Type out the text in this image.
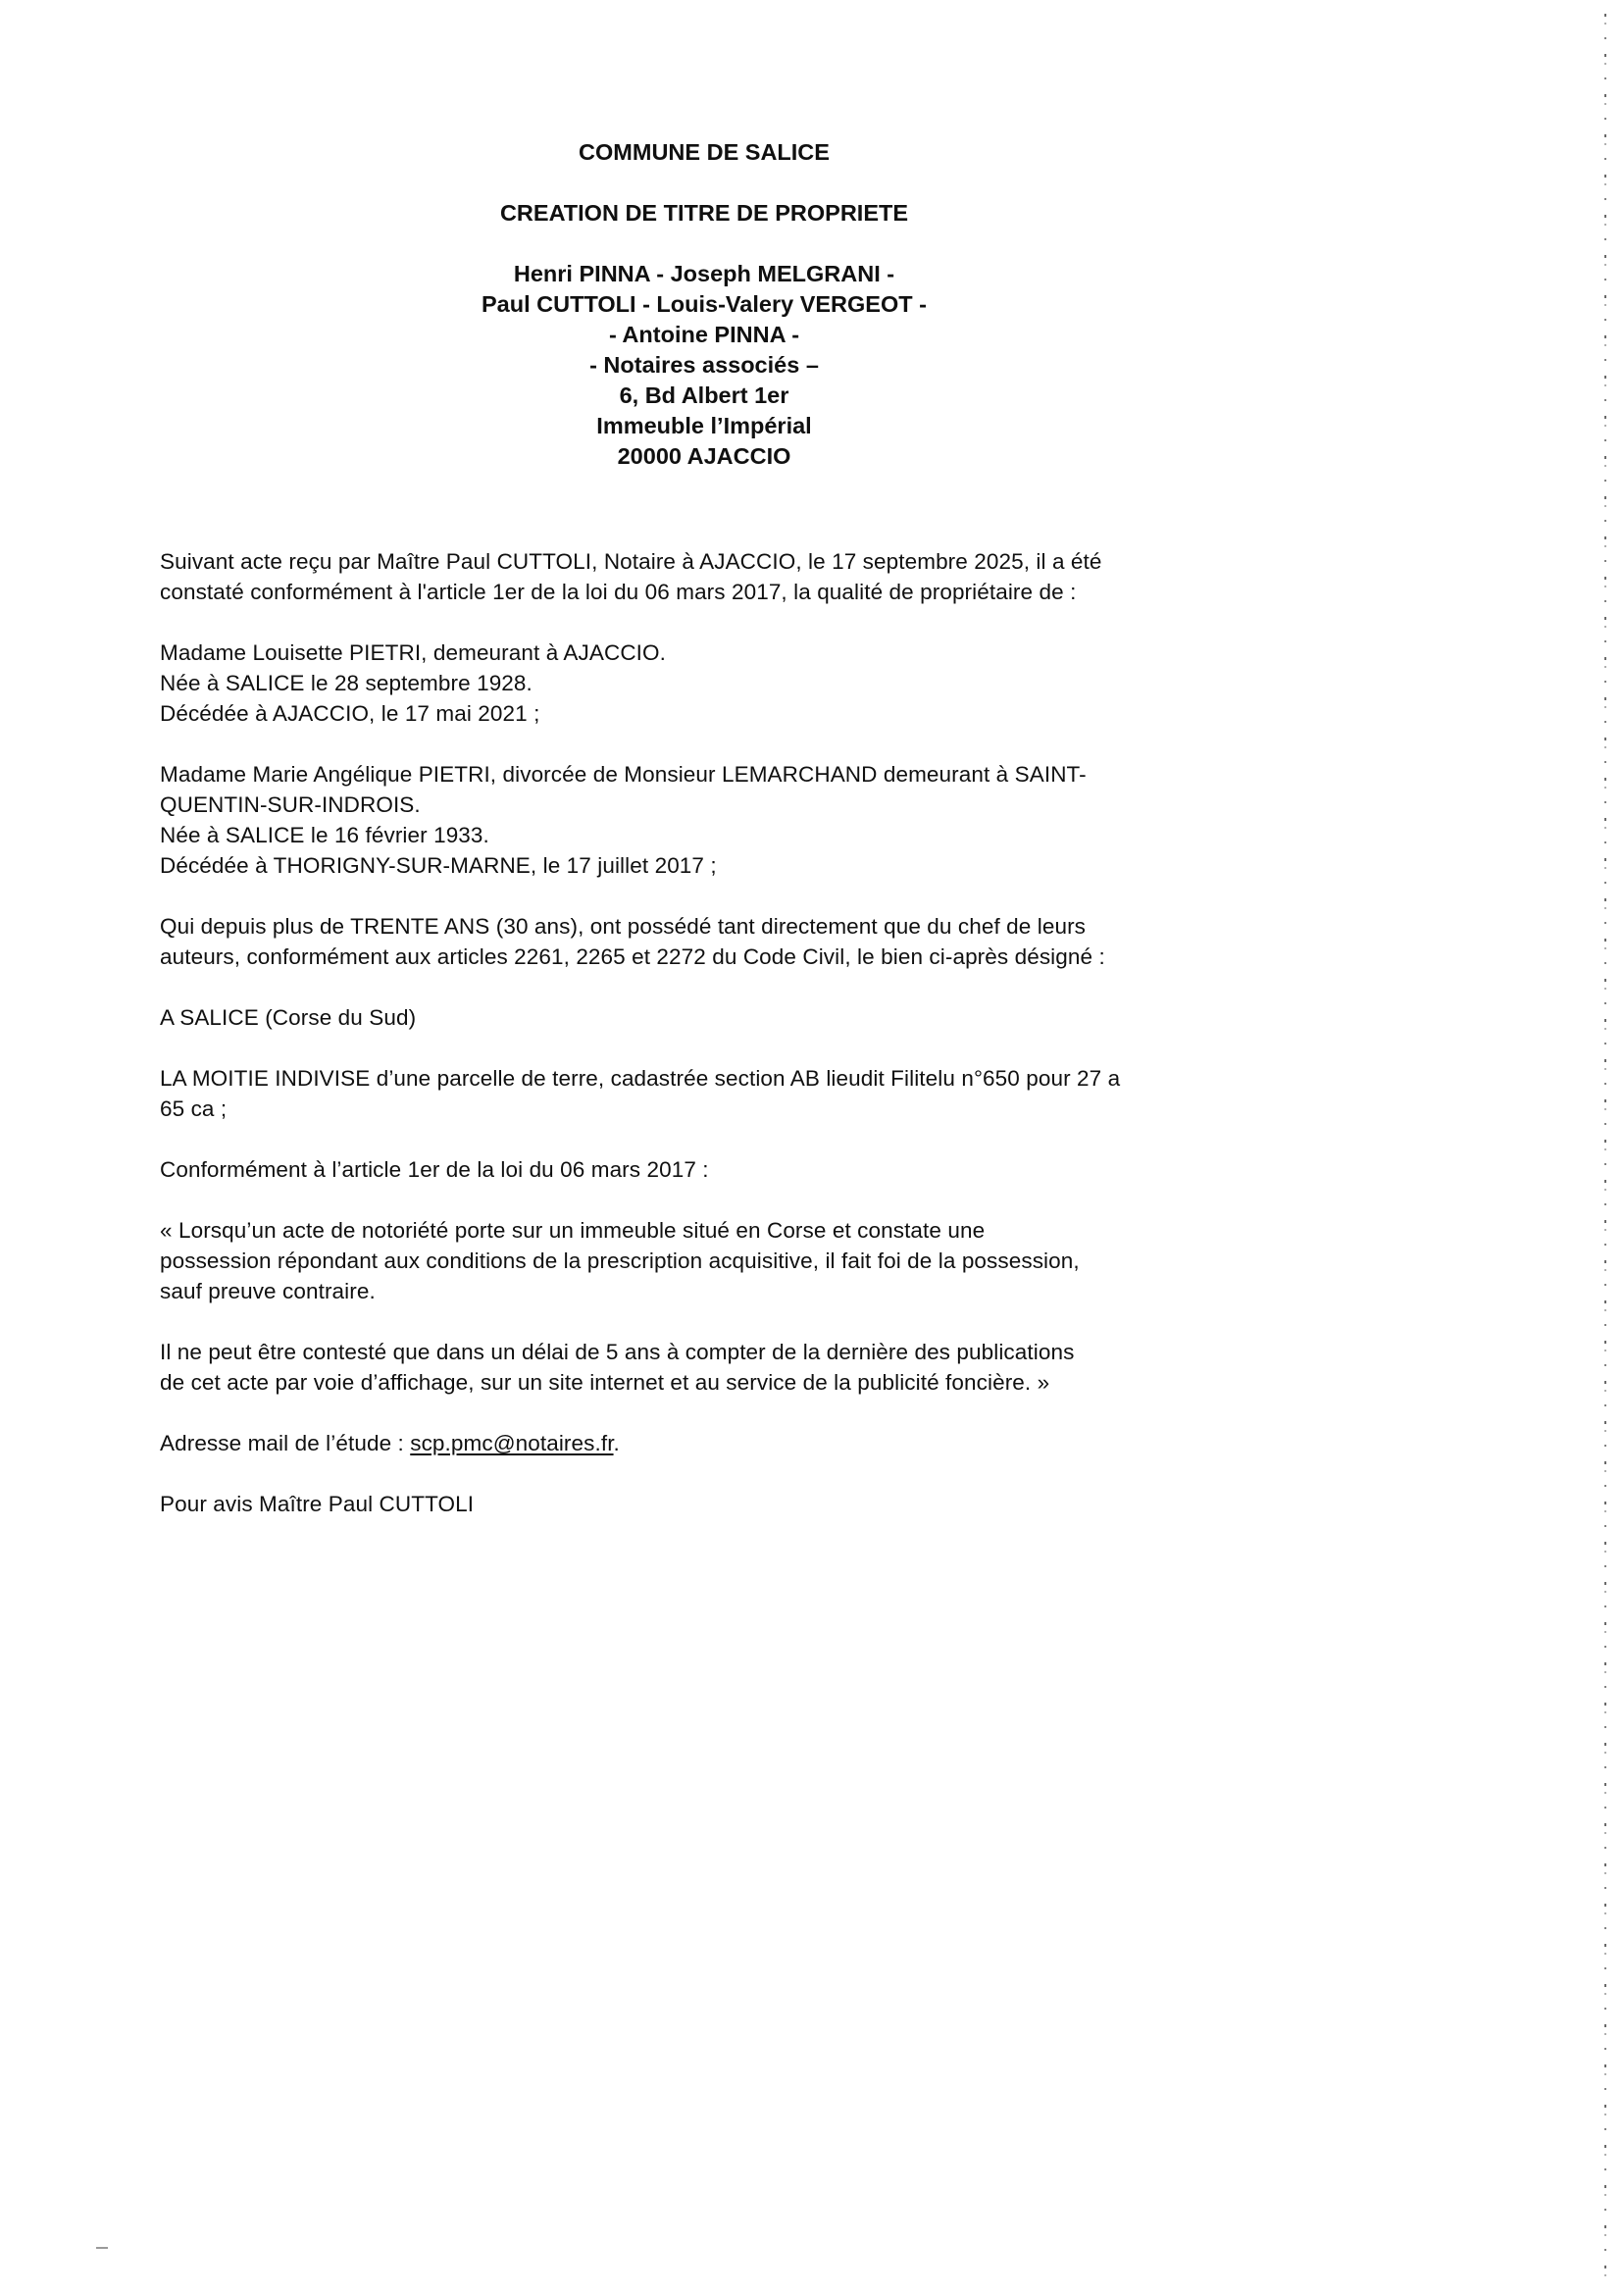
COMMUNE DE SALICE
CREATION DE TITRE DE PROPRIETE
Henri PINNA - Joseph MELGRANI -
Paul CUTTOLI - Louis-Valery VERGEOT -
- Antoine PINNA -
- Notaires associés –
6, Bd Albert 1er
Immeuble l’Impérial
20000 AJACCIO

Suivant acte reçu par Maître Paul CUTTOLI, Notaire à AJACCIO, le 17 septembre 2025, il a été
constaté conformément à l'article 1er de la loi du 06 mars 2017, la qualité de propriétaire de :

Madame Louisette PIETRI, demeurant à AJACCIO.
Née à SALICE le 28 septembre 1928.
Décédée à AJACCIO, le 17 mai 2021 ;

Madame Marie Angélique PIETRI, divorcée de Monsieur LEMARCHAND demeurant à SAINT-
QUENTIN-SUR-INDROIS.
Née à SALICE le 16 février 1933.
Décédée à THORIGNY-SUR-MARNE, le 17 juillet 2017 ;

Qui depuis plus de TRENTE ANS (30 ans), ont possédé tant directement que du chef de leurs
auteurs, conformément aux articles 2261, 2265 et 2272 du Code Civil, le bien ci-après désigné :

A SALICE (Corse du Sud)

LA MOITIE INDIVISE d’une parcelle de terre, cadastrée section AB lieudit Filitelu n°650 pour 27 a
65 ca ;

Conformément à l’article 1er de la loi du 06 mars 2017 :

« Lorsqu’un acte de notoriété porte sur un immeuble situé en Corse et constate une
possession répondant aux conditions de la prescription acquisitive, il fait foi de la possession,
sauf preuve contraire.

Il ne peut être contesté que dans un délai de 5 ans à compter de la dernière des publications
de cet acte par voie d’affichage, sur un site internet et au service de la publicité foncière. »

Adresse mail de l’étude : scp.pmc@notaires.fr.

Pour avis Maître Paul CUTTOLI
